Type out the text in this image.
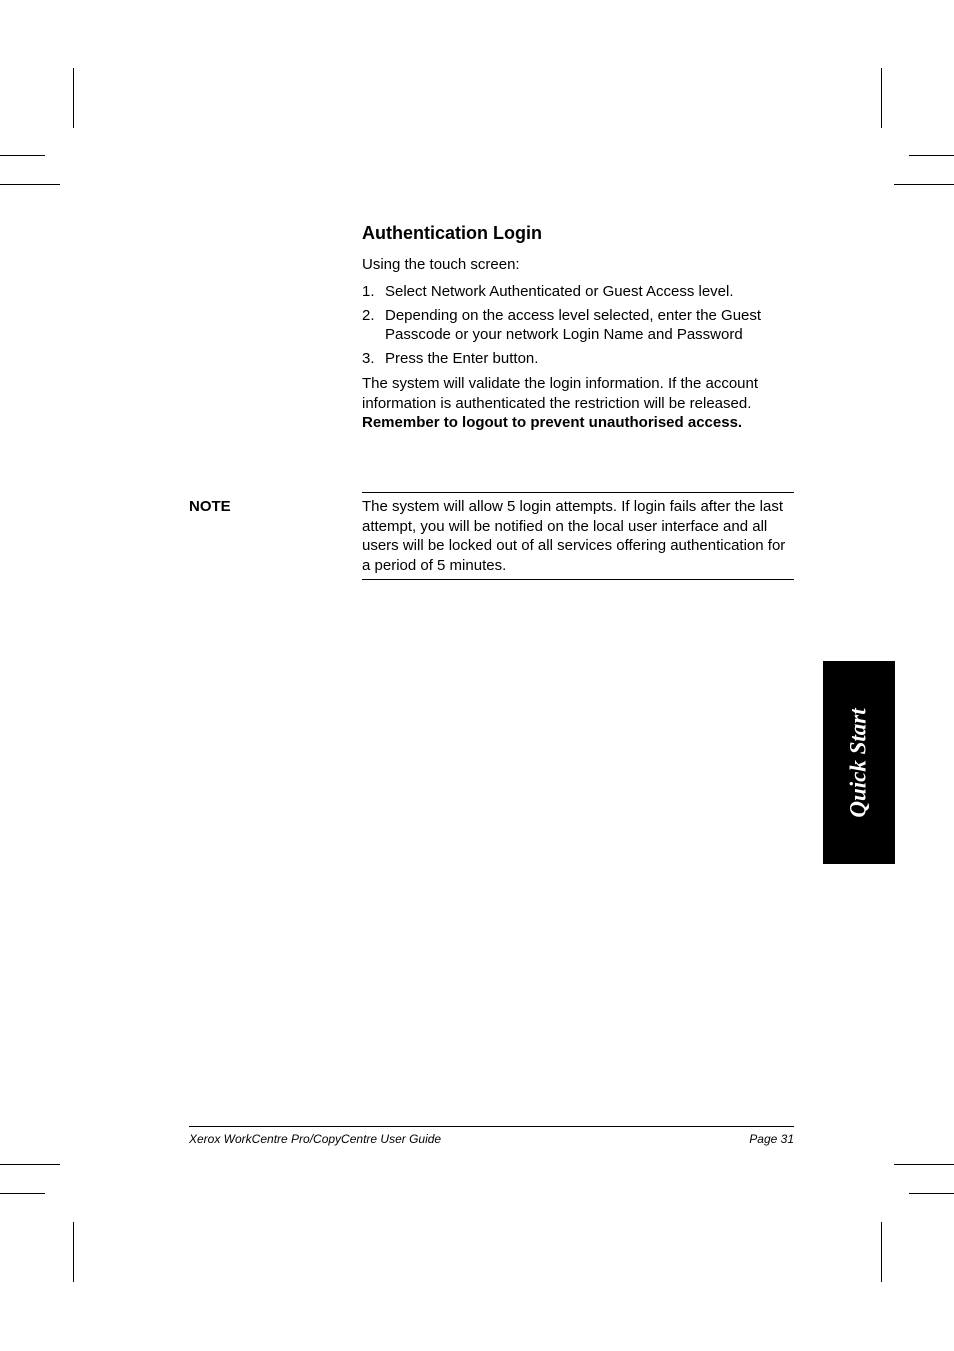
Authentication Login

Using the touch screen:

1. Select Network Authenticated or Guest Access level.
2. Depending on the access level selected, enter the Guest Passcode or your network Login Name and Password
3. Press the Enter button.

The system will validate the login information. If the account information is authenticated the restriction will be released. Remember to logout to prevent unauthorised access.

NOTE	The system will allow 5 login attempts. If login fails after the last attempt, you will be notified on the local user interface and all users will be locked out of all services offering authentication for a period of 5 minutes.

Quick Start

Xerox WorkCentre Pro/CopyCentre User Guide	Page 31
